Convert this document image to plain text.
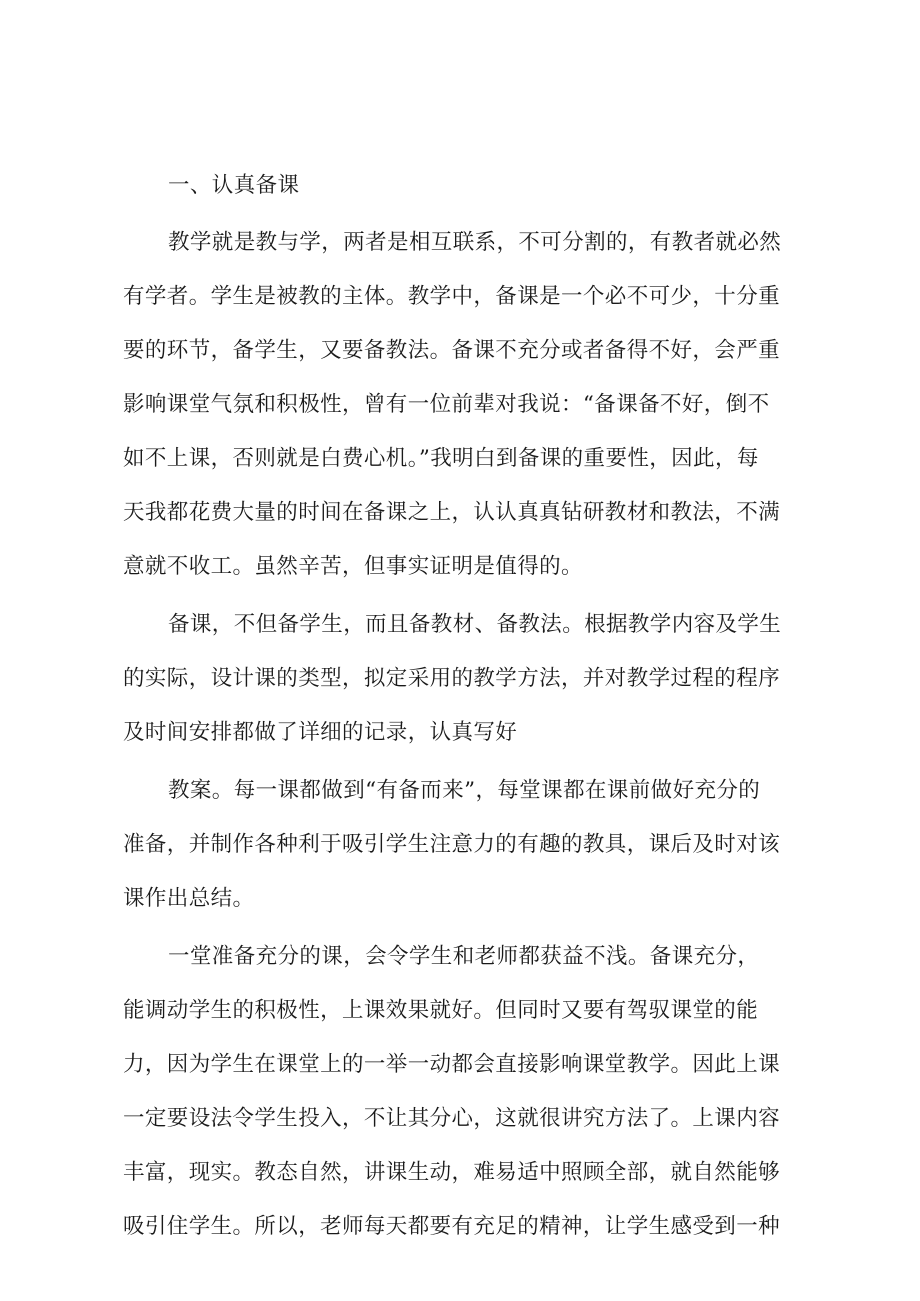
一、认真备课
教学就是教与学，两者是相互联系，不可分割的，有教者就必然
有学者。学生是被教的主体。教学中，备课是一个必不可少，十分重
要的环节，备学生，又要备教法。备课不充分或者备得不好，会严重
影响课堂气氛和积极性，曾有一位前辈对我说：“备课备不好，倒不
如不上课，否则就是白费心机。”我明白到备课的重要性，因此，每
天我都花费大量的时间在备课之上，认认真真钻研教材和教法，不满
意就不收工。虽然辛苦，但事实证明是值得的。
备课，不但备学生，而且备教材、备教法。根据教学内容及学生
的实际，设计课的类型，拟定采用的教学方法，并对教学过程的程序
及时间安排都做了详细的记录，认真写好
教案。每一课都做到“有备而来”，每堂课都在课前做好充分的
准备，并制作各种利于吸引学生注意力的有趣的教具，课后及时对该
课作出总结。
一堂准备充分的课，会令学生和老师都获益不浅。备课充分，
能调动学生的积极性，上课效果就好。但同时又要有驾驭课堂的能
力，因为学生在课堂上的一举一动都会直接影响课堂教学。因此上课
一定要设法令学生投入，不让其分心，这就很讲究方法了。上课内容
丰富，现实。教态自然，讲课生动，难易适中照顾全部，就自然能够
吸引住学生。所以，老师每天都要有充足的精神，让学生感受到一种
